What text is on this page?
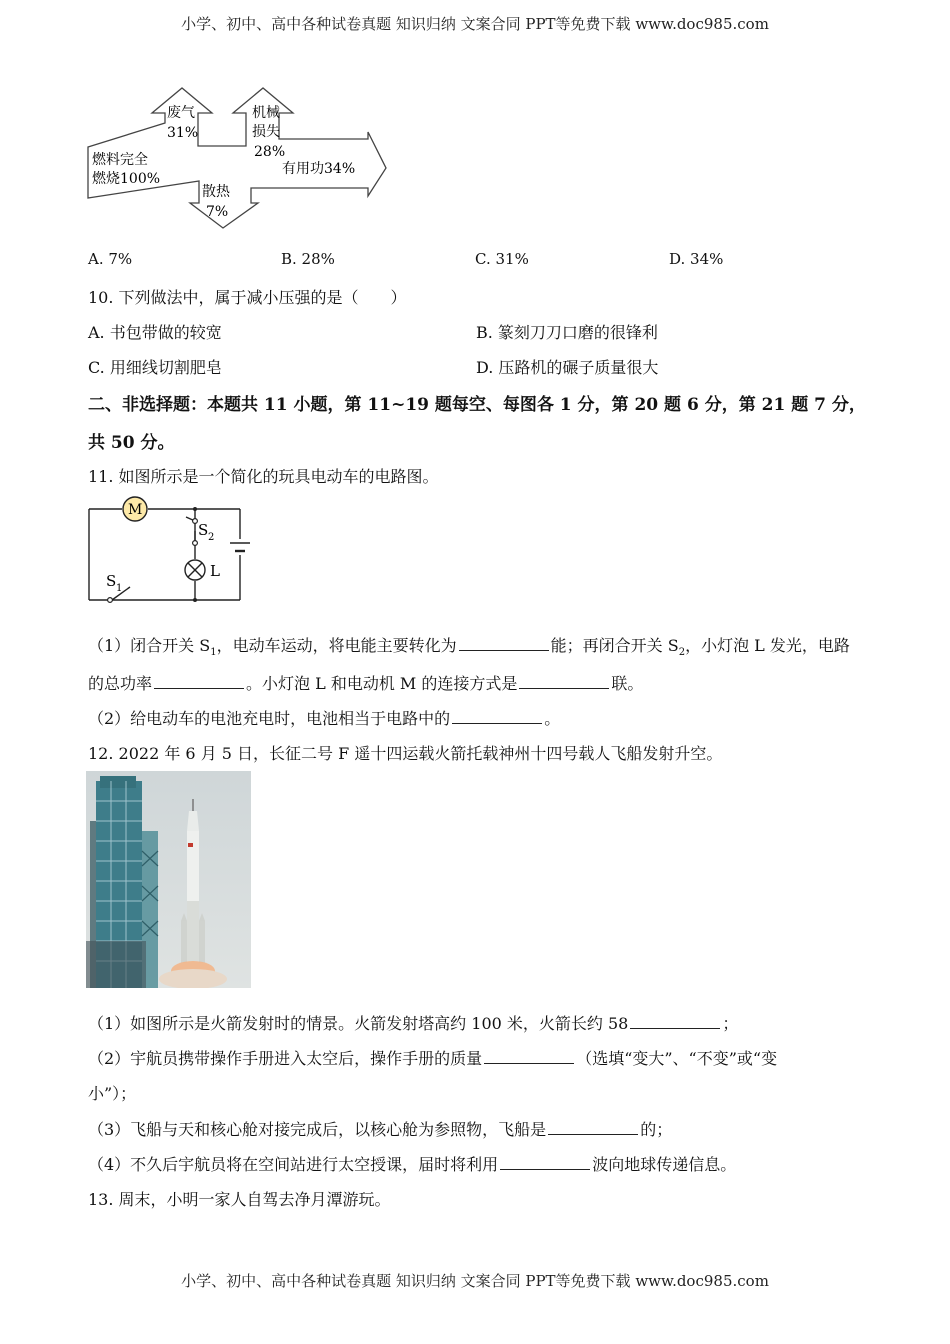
小学、初中、高中各种试卷真题 知识归纳 文案合同 PPT等免费下载 www.doc985.com
燃料完全
燃烧100%
废气
31%
机械
损失
28%
有用功34%
散热
7%
A. 7%	B. 28%	C. 31%	D. 34%
10. 下列做法中，属于减小压强的是（　　）
A. 书包带做的较宽	B. 篆刻刀刀口磨的很锋利
C. 用细线切割肥皂	D. 压路机的碾子质量很大
二、非选择题：本题共 11 小题，第 11~19 题每空、每图各 1 分，第 20 题 6 分，第 21 题 7 分，
共 50 分。
11. 如图所示是一个简化的玩具电动车的电路图。
M
L
S 2
S 1
（1）闭合开关 $S_1$，电动车运动，将电能主要转化为	能；再闭合开关 $S_2$，小灯泡 L 发光，电路
的总功率	。小灯泡 L 和电动机 M 的连接方式是	联。
（2）给电动车的电池充电时，电池相当于电路中的	。
12. 2022 年 6 月 5 日，长征二号 F 遥十四运载火箭托载神州十四号载人飞船发射升空。
（1）如图所示是火箭发射时的情景。火箭发射塔高约 100 米，火箭长约 58	；
（2）宇航员携带操作手册进入太空后，操作手册的质量	（选填“变大”、“不变”或“变
小”）；
（3）飞船与天和核心舱对接完成后，以核心舱为参照物，飞船是	的；
（4）不久后宇航员将在空间站进行太空授课，届时将利用	波向地球传递信息。
13. 周末，小明一家人自驾去净月潭游玩。
小学、初中、高中各种试卷真题 知识归纳 文案合同 PPT等免费下载 www.doc985.com
